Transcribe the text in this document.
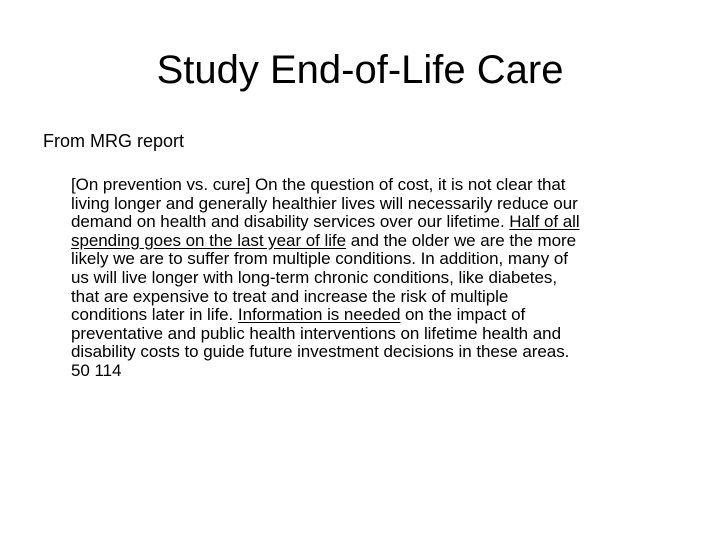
Study End-of-Life Care

From MRG report

[On prevention vs. cure] On the question of cost, it is not clear that
living longer and generally healthier lives will necessarily reduce our
demand on health and disability services over our lifetime. Half of all
spending goes on the last year of life and the older we are the more
likely we are to suffer from multiple conditions. In addition, many of
us will live longer with long-term chronic conditions, like diabetes,
that are expensive to treat and increase the risk of multiple
conditions later in life. Information is needed on the impact of
preventative and public health interventions on lifetime health and
disability costs to guide future investment decisions in these areas.
50 114
